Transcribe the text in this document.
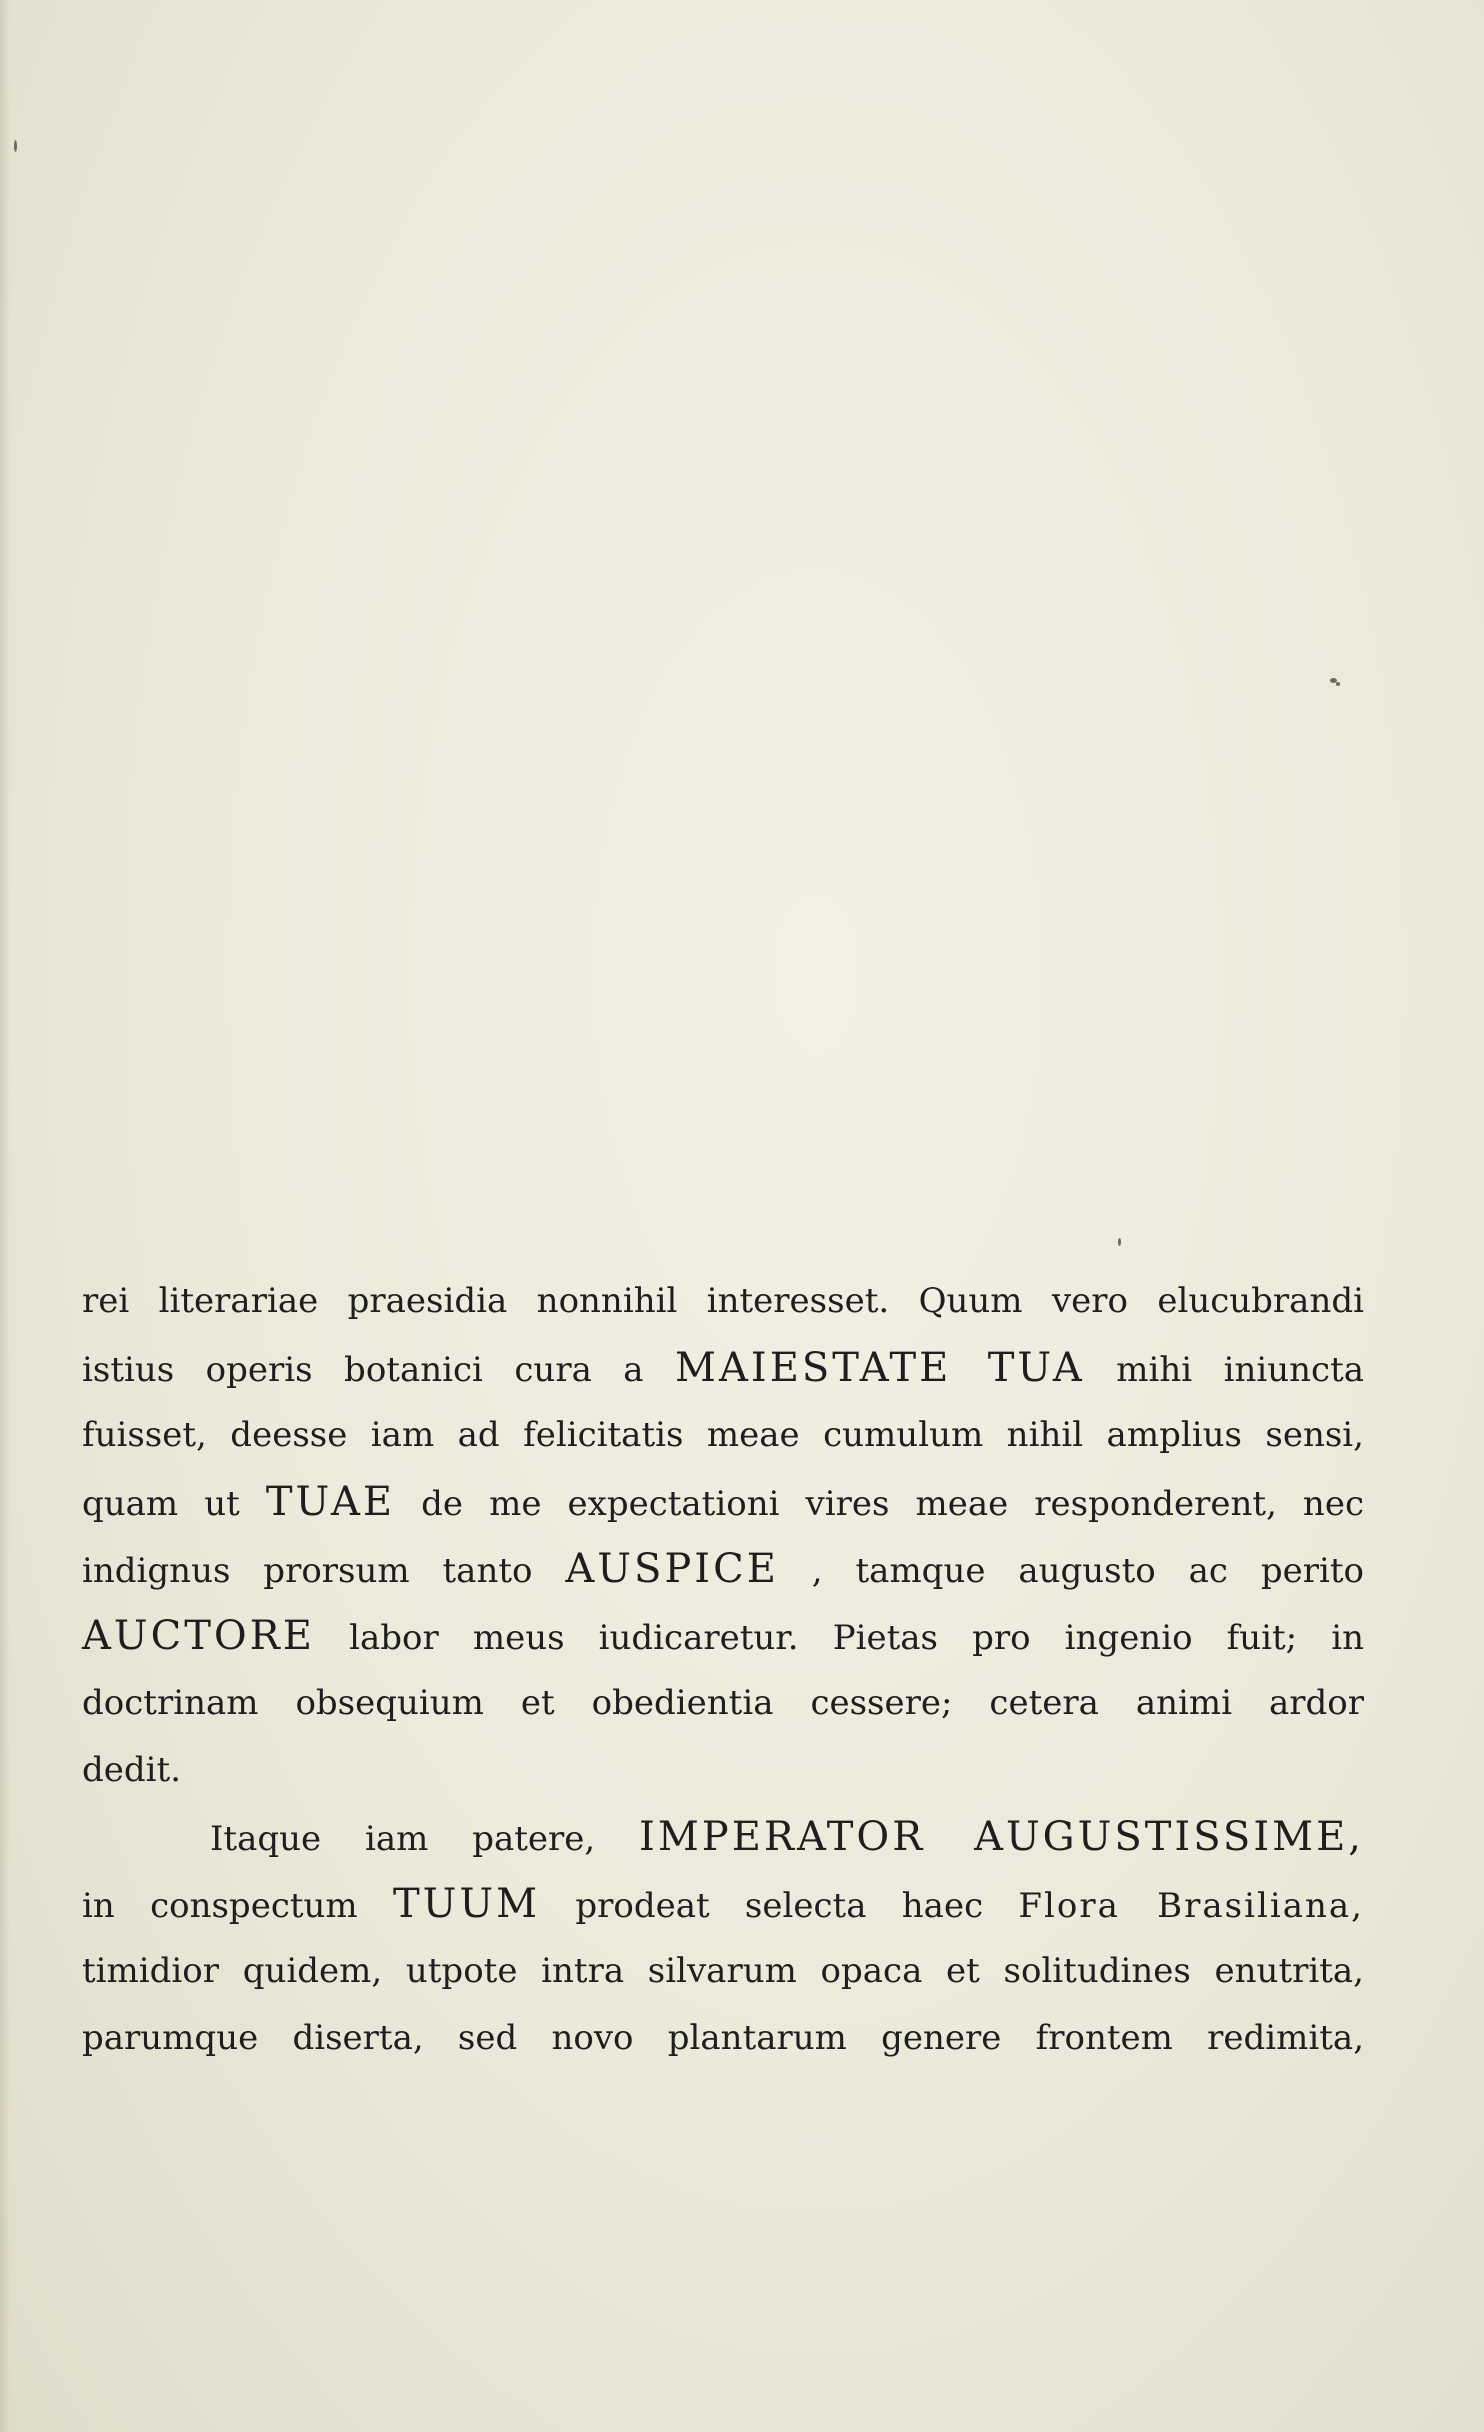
rei literariae praesidia nonnihil interesset. Quum vero elucubrandi
istius operis botanici cura a MAIESTATE TUA mihi iniuncta
fuisset, deesse iam ad felicitatis meae cumulum nihil amplius sensi,
quam ut TUAE de me expectationi vires meae responderent, nec
indignus prorsum tanto AUSPICE , tamque augusto ac perito
AUCTORE labor meus iudicaretur. Pietas pro ingenio fuit; in
doctrinam obsequium et obedientia cessere; cetera animi ardor
dedit.
Itaque iam patere, IMPERATOR AUGUSTISSIME,
in conspectum TUUM prodeat selecta haec Flora Brasiliana,
timidior quidem, utpote intra silvarum opaca et solitudines enutrita,
parumque diserta, sed novo plantarum genere frontem redimita,
